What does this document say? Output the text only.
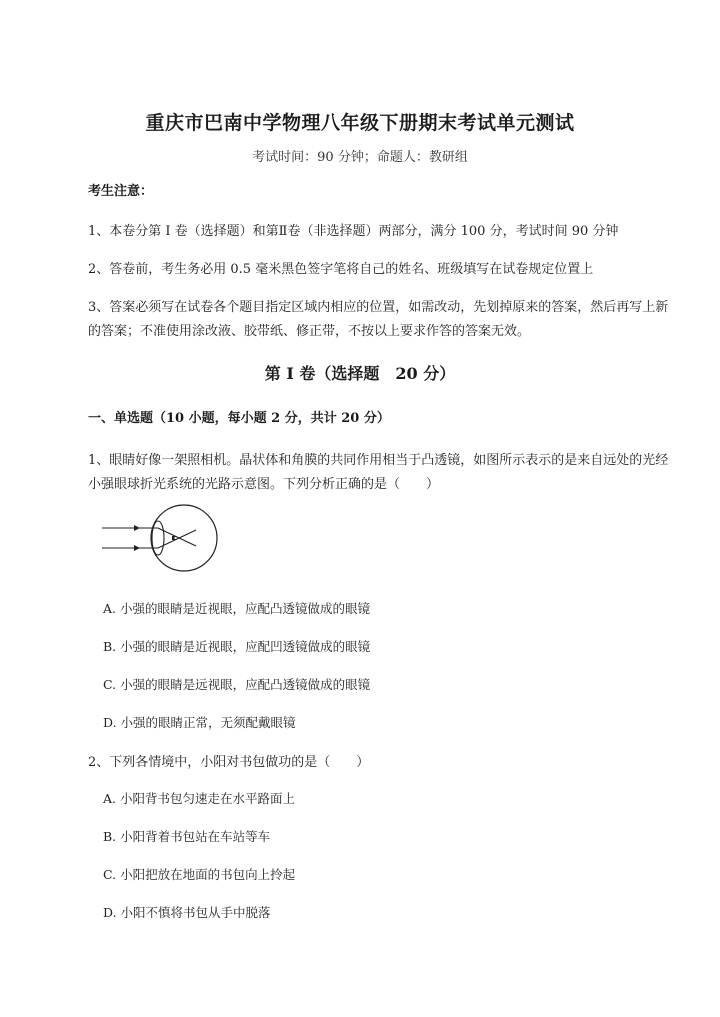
重庆市巴南中学物理八年级下册期末考试单元测试
考试时间：90 分钟；命题人：教研组
考生注意：
1、本卷分第 I 卷（选择题）和第Ⅱ卷（非选择题）两部分，满分 100 分，考试时间 90 分钟
2、答卷前，考生务必用 0.5 毫米黑色签字笔将自己的姓名、班级填写在试卷规定位置上
3、答案必须写在试卷各个题目指定区域内相应的位置，如需改动，先划掉原来的答案，然后再写上新
的答案；不准使用涂改液、胶带纸、修正带，不按以上要求作答的答案无效。
第 I 卷（选择题　20 分）
一、单选题（10 小题，每小题 2 分，共计 20 分）
1、眼睛好像一架照相机。晶状体和角膜的共同作用相当于凸透镜，如图所示表示的是来自远处的光经
小强眼球折光系统的光路示意图。下列分析正确的是（　　）
A. 小强的眼睛是近视眼，应配凸透镜做成的眼镜
B. 小强的眼睛是近视眼，应配凹透镜做成的眼镜
C. 小强的眼睛是远视眼，应配凸透镜做成的眼镜
D. 小强的眼睛正常，无须配戴眼镜
2、下列各情境中，小阳对书包做功的是（　　）
A. 小阳背书包匀速走在水平路面上
B. 小阳背着书包站在车站等车
C. 小阳把放在地面的书包向上拎起
D. 小阳不慎将书包从手中脱落
